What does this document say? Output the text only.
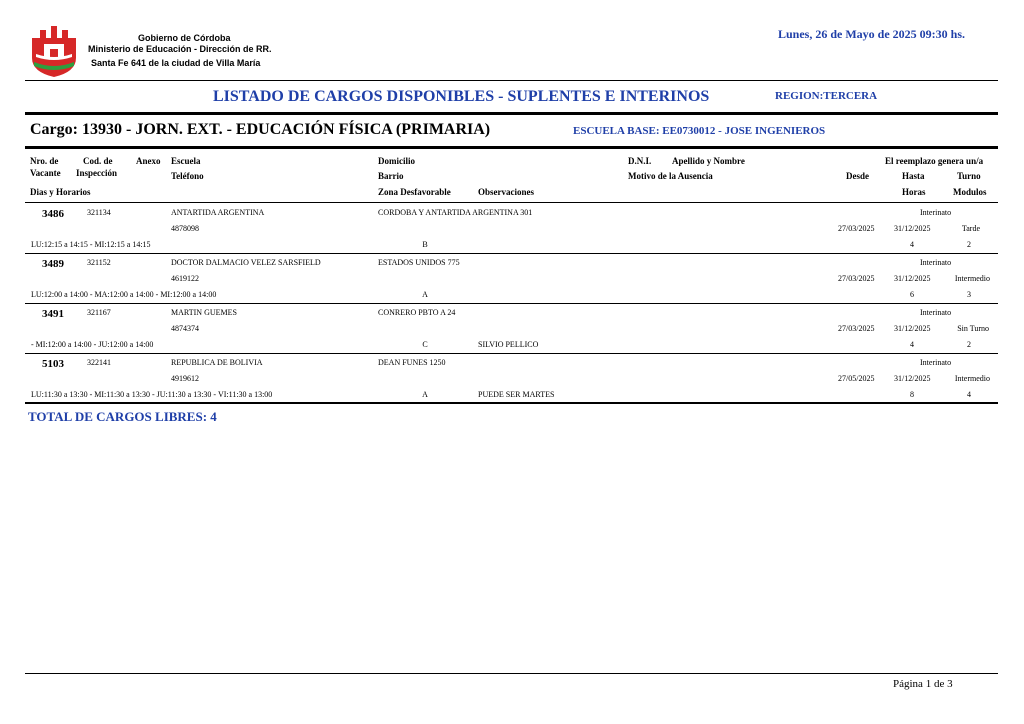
Gobierno de Córdoba
Ministerio de Educación - Dirección de RR.
Santa Fe 641 de la ciudad de Villa María
Lunes, 26 de Mayo de 2025 09:30 hs.
LISTADO DE CARGOS DISPONIBLES - SUPLENTES E INTERINOS	REGION:TERCERA
Cargo: 13930 - JORN. EXT. - EDUCACIÓN FÍSICA (PRIMARIA)	ESCUELA BASE: EE0730012 - JOSE INGENIEROS
Nro. de
Vacante
Cod. de
Inspección
Anexo Escuela
Teléfono
Dias y Horarios
Domicilio
Barrio
Zona Desfavorable	Observaciones
D.N.I. Apellido y Nombre
Motivo de la Ausencia
El reemplazo genera un/a
Desde	Hasta	Turno
Horas	Modulos
3486	321134	ANTARTIDA ARGENTINA	CORDOBA Y ANTARTIDA ARGENTINA 301	Interinato
4878098	27/03/2025 31/12/2025	Tarde
LU:12:15 a 14:15 - MI:12:15 a 14:15	B	4	2
3489	321152	DOCTOR DALMACIO VELEZ SARSFIELD	ESTADOS UNIDOS 775	Interinato
4619122	27/03/2025 31/12/2025	Intermedio
LU:12:00 a 14:00 - MA:12:00 a 14:00 - MI:12:00 a 14:00	A	6	3
3491	321167	MARTIN GUEMES	CONRERO PBTO A 24	Interinato
4874374	27/03/2025 31/12/2025	Sin Turno
- MI:12:00 a 14:00 - JU:12:00 a 14:00	C	SILVIO PELLICO	4	2
5103	322141	REPUBLICA DE BOLIVIA	DEAN FUNES 1250	Interinato
4919612	27/05/2025 31/12/2025	Intermedio
LU:11:30 a 13:30 - MI:11:30 a 13:30 - JU:11:30 a 13:30 - VI:11:30 a 13:00	A	PUEDE SER MARTES	8	4
TOTAL DE CARGOS LIBRES: 4
Página 1 de 3
